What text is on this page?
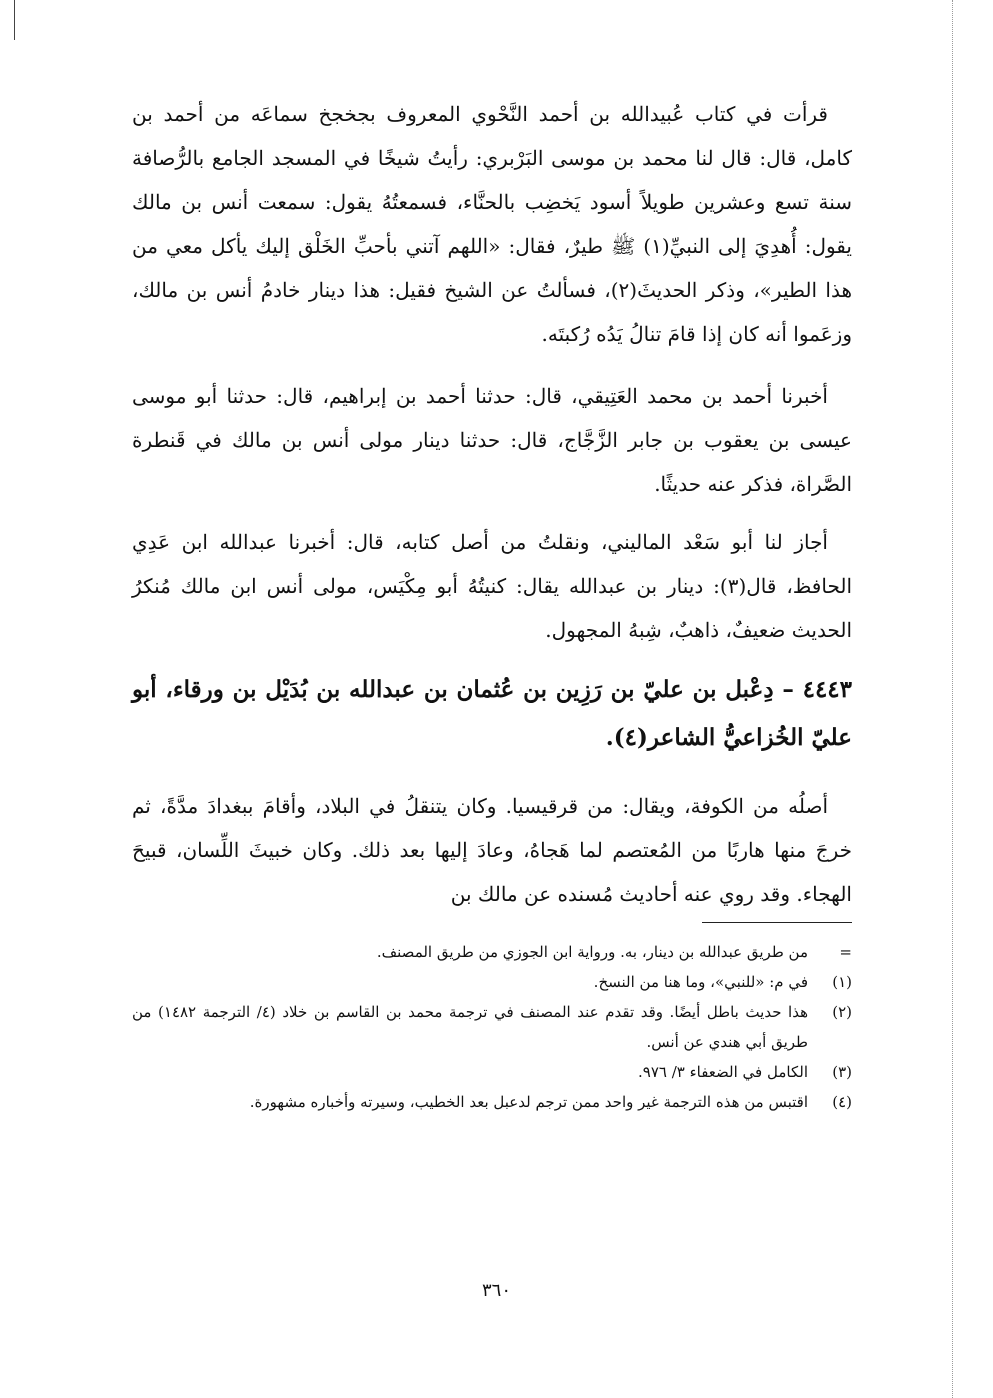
قرأت في كتاب عُبيدالله بن أحمد النَّحْوي المعروف بجخجخ سماعَه من أحمد بن كامل، قال: قال لنا محمد بن موسى البَرْبري: رأيتُ شيخًا في المسجد الجامع بالرُّصافة سنة تسع وعشرين طويلاً أسود يَخضِب بالحنَّاء، فسمعتُهُ يقول: سمعت أنس بن مالك يقول: أُهدِيَ إلى النبيِّ(١) ﷺ طيرٌ، فقال: «اللهم آتني بأحبِّ الخَلْق إليك يأكل معي من هذا الطير»، وذكر الحديثَ(٢)، فسألتُ عن الشيخ فقيل: هذا دينار خادمُ أنس بن مالك، وزعَموا أنه كان إذا قامَ تنالُ يَدُه رُكبتَه.

أخبرنا أحمد بن محمد العَتِيقي، قال: حدثنا أحمد بن إبراهيم، قال: حدثنا أبو موسى عيسى بن يعقوب بن جابر الزَّجَّاج، قال: حدثنا دينار مولى أنس بن مالك في قَنطرة الصَّراة، فذكر عنه حديثًا.

أجاز لنا أبو سَعْد الماليني، ونقلتُ من أصل كتابه، قال: أخبرنا عبدالله ابن عَدِي الحافظ، قال(٣): دينار بن عبدالله يقال: كنيتُهُ أبو مِكْيَس، مولى أنس ابن مالك مُنكرُ الحديث ضعيفٌ، ذاهبٌ، شِبهُ المجهول.

٤٤٤٣ – دِعْبل بن عليّ بن رَزِين بن عُثمان بن عبدالله بن بُدَيْل بن ورقاء، أبو عليّ الخُزاعيُّ الشاعر(٤).

أصلُه من الكوفة، ويقال: من قرقيسيا. وكان يتنقلُ في البلاد، وأقامَ ببغدادَ مدَّةً، ثم خرجَ منها هاربًا من المُعتصم لما هَجاهُ، وعادَ إليها بعد ذلك. وكان خبيثَ اللِّسان، قبيحَ الهجاء. وقد روي عنه أحاديث مُسنده عن مالك بن

=
من طريق عبدالله بن دينار، به. ورواية ابن الجوزي من طريق المصنف.
(١)
في م: «للنبي»، وما هنا من النسخ.
(٢)
هذا حديث باطل أيضًا. وقد تقدم عند المصنف في ترجمة محمد بن القاسم بن خلاد (٤/ الترجمة ١٤٨٢) من طريق أبي هندي عن أنس.
(٣)
الكامل في الضعفاء ٣/ ٩٧٦.
(٤)
اقتبس من هذه الترجمة غير واحد ممن ترجم لدعبل بعد الخطيب، وسيرته وأخباره مشهورة.
٣٦٠
